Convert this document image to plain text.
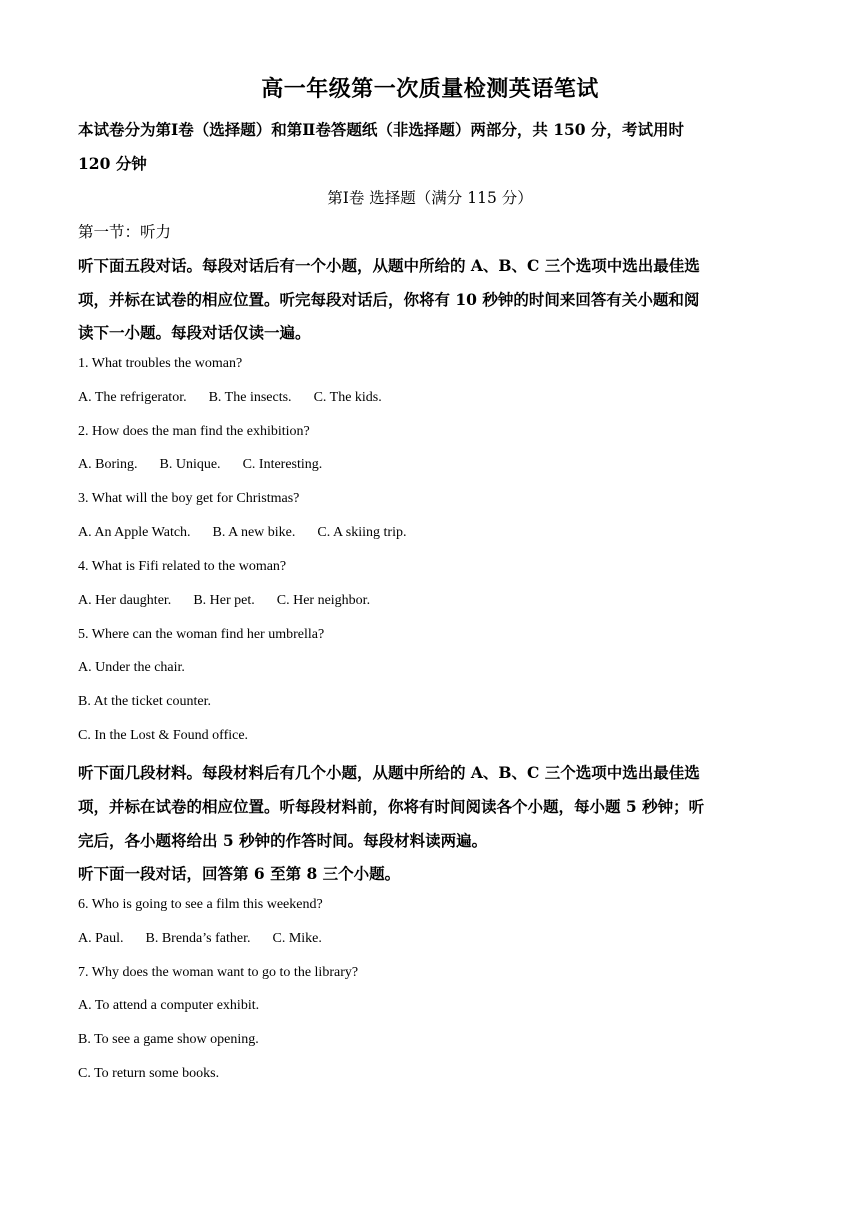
高一年级第一次质量检测英语笔试
本试卷分为第Ⅰ卷（选择题）和第Ⅱ卷答题纸（非选择题）两部分，共 150 分，考试用时
120 分钟
第Ⅰ卷 选择题（满分 115 分）
第一节：听力
听下面五段对话。每段对话后有一个小题，从题中所给的 A、B、C 三个选项中选出最佳选
项，并标在试卷的相应位置。听完每段对话后，你将有 10 秒钟的时间来回答有关小题和阅
读下一小题。每段对话仅读一遍。
1. What troubles the woman?
A. The refrigerator. B. The insects. C. The kids.
2. How does the man find the exhibition?
A. Boring. B. Unique. C. Interesting.
3. What will the boy get for Christmas?
A. An Apple Watch. B. A new bike. C. A skiing trip.
4. What is Fifi related to the woman?
A. Her daughter. B. Her pet. C. Her neighbor.
5. Where can the woman find her umbrella?
A. Under the chair.
B. At the ticket counter.
C. In the Lost & Found office.
听下面几段材料。每段材料后有几个小题，从题中所给的 A、B、C 三个选项中选出最佳选
项，并标在试卷的相应位置。听每段材料前，你将有时间阅读各个小题，每小题 5 秒钟；听
完后，各小题将给出 5 秒钟的作答时间。每段材料读两遍。
听下面一段对话，回答第 6 至第 8 三个小题。
6. Who is going to see a film this weekend?
A. Paul. B. Brenda’s father. C. Mike.
7. Why does the woman want to go to the library?
A. To attend a computer exhibit.
B. To see a game show opening.
C. To return some books.
